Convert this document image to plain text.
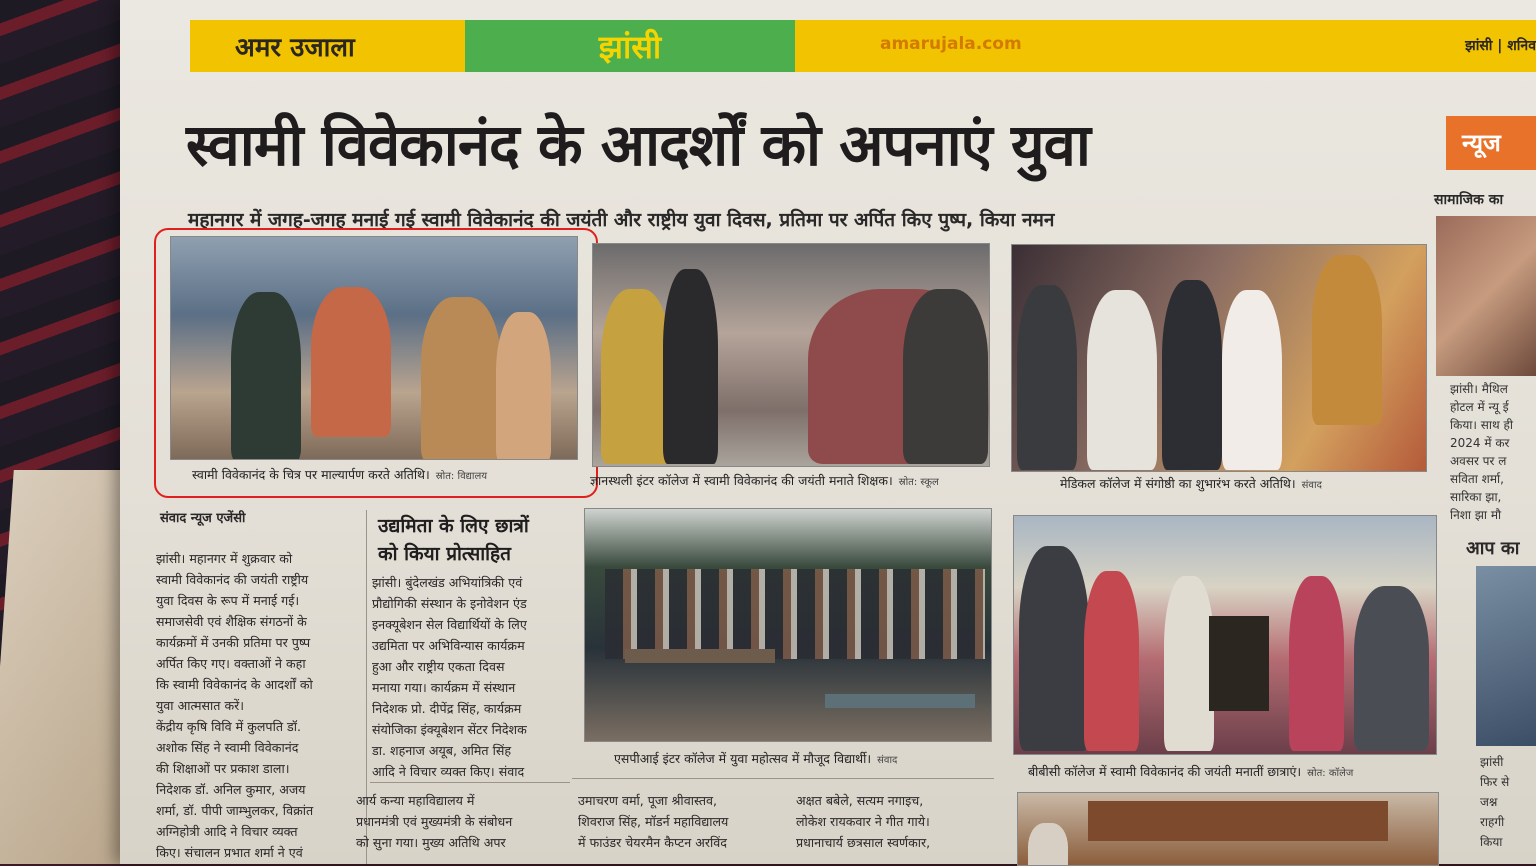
अमर उजाला	झांसी	amarujala.com	झांसी | शनिव
स्वामी विवेकानंद के आदर्शों को अपनाएं युवा
महानगर में जगह-जगह मनाई गई स्वामी विवेकानंद की जयंती और राष्ट्रीय युवा दिवस, प्रतिमा पर अर्पित किए पुष्प, किया नमन
न्यूज
सामाजिक का
झांसी। मैथिल
होटल में न्यू ई
किया। साथ ही
2024 में कर
अवसर पर ल
सविता शर्मा,
सारिका झा,
निशा झा मौ
आप का
झांसी
फिर से
जश्न
राहगी
किया
स्वामी विवेकानंद के चित्र पर माल्यार्पण करते अतिथि। स्रोत: विद्यालय	ज्ञानस्थली इंटर कॉलेज में स्वामी विवेकानंद की जयंती मनाते शिक्षक। स्रोत: स्कूल	मेडिकल कॉलेज में संगोष्ठी का शुभारंभ करते अतिथि। संवाद
संवाद न्यूज एजेंसी

झांसी। महानगर में शुक्रवार को

स्वामी विवेकानंद की जयंती राष्ट्रीय

युवा दिवस के रूप में मनाई गई।

समाजसेवी एवं शैक्षिक संगठनों के

कार्यक्रमों में उनकी प्रतिमा पर पुष्प

अर्पित किए गए। वक्ताओं ने कहा

कि स्वामी विवेकानंद के आदर्शों को

युवा आत्मसात करें।

केंद्रीय कृषि विवि में कुलपति डॉ.

अशोक सिंह ने स्वामी विवेकानंद

की शिक्षाओं पर प्रकाश डाला।

निदेशक डॉ. अनिल कुमार, अजय

शर्मा, डॉ. पीपी जाम्भुलकर, विक्रांत

अग्निहोत्री आदि ने विचार व्यक्त

किए। संचालन प्रभात शर्मा ने एवं

उद्यमिता के लिए छात्रों
को किया प्रोत्साहित

झांसी। बुंदेलखंड अभियांत्रिकी एवं

प्रौद्योगिकी संस्थान के इनोवेशन एंड

इनक्यूबेशन सेल विद्यार्थियों के लिए

उद्यमिता पर अभिविन्यास कार्यक्रम

हुआ और राष्ट्रीय एकता दिवस

मनाया गया। कार्यक्रम में संस्थान

निदेशक प्रो. दीपेंद्र सिंह, कार्यक्रम

संयोजिका इंक्यूबेशन सेंटर निदेशक

डा. शहनाज अयूब, अमित सिंह

आदि ने विचार व्यक्त किए। संवाद

एसपीआई इंटर कॉलेज में युवा महोत्सव में मौजूद विद्यार्थी। संवाद
बीबीसी कॉलेज में स्वामी विवेकानंद की जयंती मनातीं छात्राएं। स्रोत: कॉलेज

आर्य कन्या महाविद्यालय में

प्रधानमंत्री एवं मुख्यमंत्री के संबोधन

को सुना गया। मुख्य अतिथि अपर

उमाचरण वर्मा, पूजा श्रीवास्तव,

शिवराज सिंह, मॉडर्न महाविद्यालय

में फाउंडर चेयरमैन कैप्टन अरविंद

अक्षत बबेले, सत्यम नगाइच,

लोकेश रायकवार ने गीत गाये।

प्रधानाचार्य छत्रसाल स्वर्णकार,
